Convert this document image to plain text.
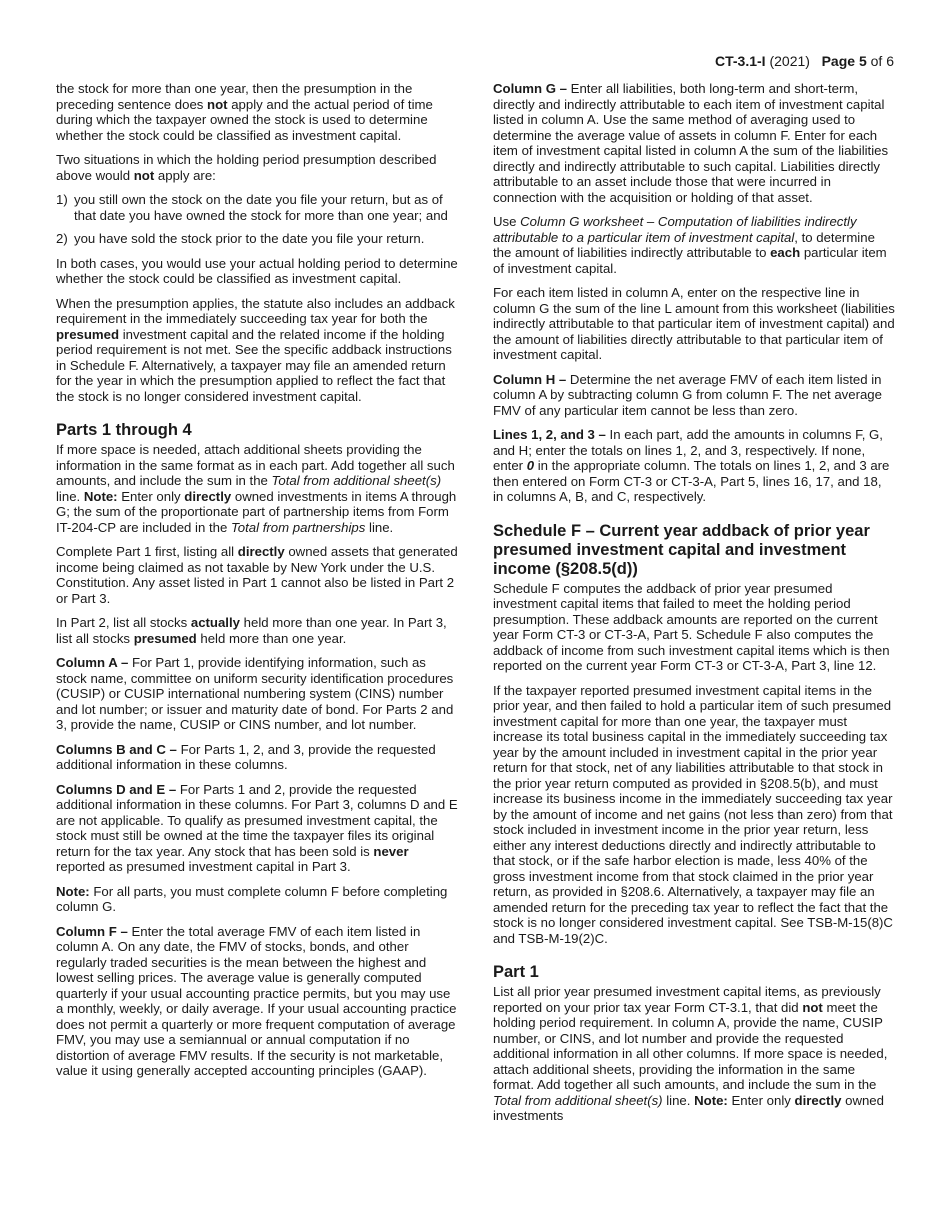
CT-3.1-I (2021) Page 5 of 6

the stock for more than one year, then the presumption in the preceding sentence does not apply and the actual period of time during which the taxpayer owned the stock is used to determine whether the stock could be classified as investment capital.

Two situations in which the holding period presumption described above would not apply are:

1) you still own the stock on the date you file your return, but as of that date you have owned the stock for more than one year; and
2) you have sold the stock prior to the date you file your return.

In both cases, you would use your actual holding period to determine whether the stock could be classified as investment capital.

When the presumption applies, the statute also includes an addback requirement in the immediately succeeding tax year for both the presumed investment capital and the related income if the holding period requirement is not met. See the specific addback instructions in Schedule F. Alternatively, a taxpayer may file an amended return for the year in which the presumption applied to reflect the fact that the stock is no longer considered investment capital.

Parts 1 through 4

If more space is needed, attach additional sheets providing the information in the same format as in each part. Add together all such amounts, and include the sum in the Total from additional sheet(s) line. Note: Enter only directly owned investments in items A through G; the sum of the proportionate part of partnership items from Form IT-204-CP are included in the Total from partnerships line.

Complete Part 1 first, listing all directly owned assets that generated income being claimed as not taxable by New York under the U.S. Constitution. Any asset listed in Part 1 cannot also be listed in Part 2 or Part 3.

In Part 2, list all stocks actually held more than one year. In Part 3, list all stocks presumed held more than one year.

Column A – For Part 1, provide identifying information, such as stock name, committee on uniform security identification procedures (CUSIP) or CUSIP international numbering system (CINS) number and lot number; or issuer and maturity date of bond. For Parts 2 and 3, provide the name, CUSIP or CINS number, and lot number.

Columns B and C – For Parts 1, 2, and 3, provide the requested additional information in these columns.

Columns D and E – For Parts 1 and 2, provide the requested additional information in these columns. For Part 3, columns D and E are not applicable. To qualify as presumed investment capital, the stock must still be owned at the time the taxpayer files its original return for the tax year. Any stock that has been sold is never reported as presumed investment capital in Part 3.

Note: For all parts, you must complete column F before completing column G.

Column F – Enter the total average FMV of each item listed in column A. On any date, the FMV of stocks, bonds, and other regularly traded securities is the mean between the highest and lowest selling prices. The average value is generally computed quarterly if your usual accounting practice permits, but you may use a monthly, weekly, or daily average. If your usual accounting practice does not permit a quarterly or more frequent computation of average FMV, you may use a semiannual or annual computation if no distortion of average FMV results. If the security is not marketable, value it using generally accepted accounting principles (GAAP).

Column G – Enter all liabilities, both long-term and short-term, directly and indirectly attributable to each item of investment capital listed in column A. Use the same method of averaging used to determine the average value of assets in column F. Enter for each item of investment capital listed in column A the sum of the liabilities directly and indirectly attributable to such capital. Liabilities directly attributable to an asset include those that were incurred in connection with the acquisition or holding of that asset.

Use Column G worksheet – Computation of liabilities indirectly attributable to a particular item of investment capital, to determine the amount of liabilities indirectly attributable to each particular item of investment capital.

For each item listed in column A, enter on the respective line in column G the sum of the line L amount from this worksheet (liabilities indirectly attributable to that particular item of investment capital) and the amount of liabilities directly attributable to that particular item of investment capital.

Column H – Determine the net average FMV of each item listed in column A by subtracting column G from column F. The net average FMV of any particular item cannot be less than zero.

Lines 1, 2, and 3 – In each part, add the amounts in columns F, G, and H; enter the totals on lines 1, 2, and 3, respectively. If none, enter 0 in the appropriate column. The totals on lines 1, 2, and 3 are then entered on Form CT-3 or CT-3-A, Part 5, lines 16, 17, and 18, in columns A, B, and C, respectively.

Schedule F – Current year addback of prior year presumed investment capital and investment income (§208.5(d))

Schedule F computes the addback of prior year presumed investment capital items that failed to meet the holding period presumption. These addback amounts are reported on the current year Form CT-3 or CT-3-A, Part 5. Schedule F also computes the addback of income from such investment capital items which is then reported on the current year Form CT-3 or CT-3-A, Part 3, line 12.

If the taxpayer reported presumed investment capital items in the prior year, and then failed to hold a particular item of such presumed investment capital for more than one year, the taxpayer must increase its total business capital in the immediately succeeding tax year by the amount included in investment capital in the prior year return for that stock, net of any liabilities attributable to that stock in the prior year return computed as provided in §208.5(b), and must increase its business income in the immediately succeeding tax year by the amount of income and net gains (not less than zero) from that stock included in investment income in the prior year return, less either any interest deductions directly and indirectly attributable to that stock, or if the safe harbor election is made, less 40% of the gross investment income from that stock claimed in the prior year return, as provided in §208.6. Alternatively, a taxpayer may file an amended return for the preceding tax year to reflect the fact that the stock is no longer considered investment capital. See TSB-M-15(8)C and TSB-M-19(2)C.

Part 1

List all prior year presumed investment capital items, as previously reported on your prior tax year Form CT-3.1, that did not meet the holding period requirement. In column A, provide the name, CUSIP number, or CINS, and lot number and provide the requested additional information in all other columns. If more space is needed, attach additional sheets, providing the information in the same format. Add together all such amounts, and include the sum in the Total from additional sheet(s) line. Note: Enter only directly owned investments
